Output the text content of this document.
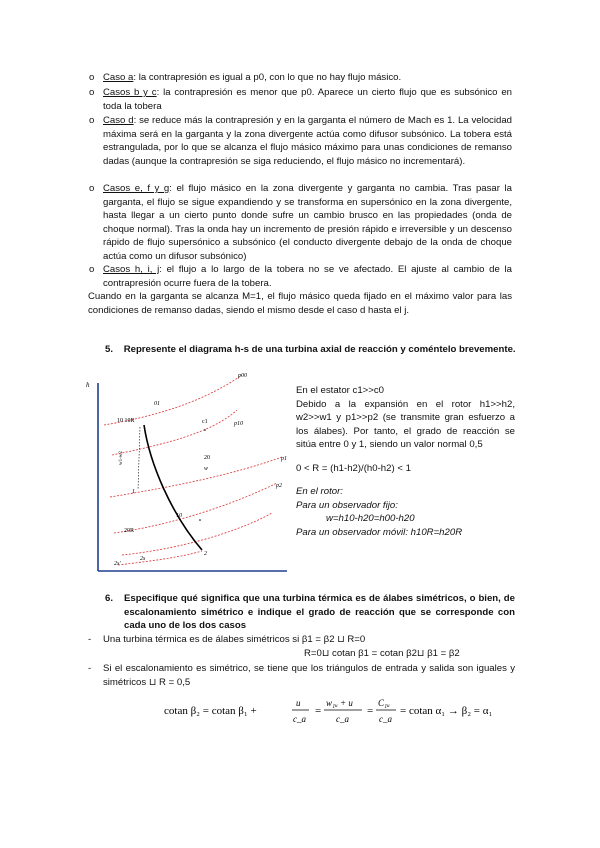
o Caso a: la contrapresión es igual a p0, con lo que no hay flujo másico.
o Casos b y c: la contrapresión es menor que p0. Aparece un cierto flujo que es subsónico en toda la tobera
o Caso d: se reduce más la contrapresión y en la garganta el número de Mach es 1. La velocidad máxima será en la garganta y la zona divergente actúa como difusor subsónico. La tobera está estrangulada, por lo que se alcanza el flujo másico máximo para unas condiciones de remanso dadas (aunque la contrapresión se siga reduciendo, el flujo másico no incrementará).
o Casos e, f y g: el flujo másico en la zona divergente y garganta no cambia. Tras pasar la garganta, el flujo se sigue expandiendo y se transforma en supersónico en la zona divergente, hasta llegar a un cierto punto donde sufre un cambio brusco en las propiedades (onda de choque normal). Tras la onda hay un incremento de presión rápido e irreversible y un descenso rápido de flujo supersónico a subsónico (el conducto divergente debajo de la onda de choque actúa como un difusor subsónico)
o Casos h, i, j: el flujo a lo largo de la tobera no se ve afectado. El ajuste al cambio de la contrapresión ocurre fuera de la tobera.
Cuando en la garganta se alcanza M=1, el flujo másico queda fijado en el máximo valor para las condiciones de remanso dadas, siendo el mismo desde el caso d hasta el j.
5. Represente el diagrama h-s de una turbina axial de reacción y coméntelo brevemente.
h
p00
p10
p1
p2
10 10R
01
20
20R
w
1
10
2
2s
2s'
w1-w2
c1
En el estator c1>>c0
Debido a la expansión en el rotor h1>>h2,
w2>>w1 y p1>>p2 (se transmite gran esfuerzo a
los álabes). Por tanto, el grado de reacción se
sitúa entre 0 y 1, siendo un valor normal 0,5
0 < R = (h1-h2)/(h0-h2) < 1
En el rotor:
Para un observador fijo:
w=h10-h20=h00-h20
Para un observador móvil: h10R=h20R
6.	Especifique qué significa que una turbina térmica es de álabes simétricos, o bien, de escalonamiento simétrico e indique el grado de reacción que se corresponde con cada uno de los dos casos
- Una turbina térmica es de álabes simétricos si β1 = β2 ⊔ R=0
R=0⊔ cotan β1 = cotan β2⊔ β1 = β2
- Si el escalonamiento es simétrico, se tiene que los triángulos de entrada y salida son iguales y simétricos ⊔ R = 0,5
cotan β₂ = cotan β₁ +
u
c_a
=
w₁ᵤ + u
c_a
=
C₁ᵤ
c_a
= cotan α₁ → β₂ = α₁
